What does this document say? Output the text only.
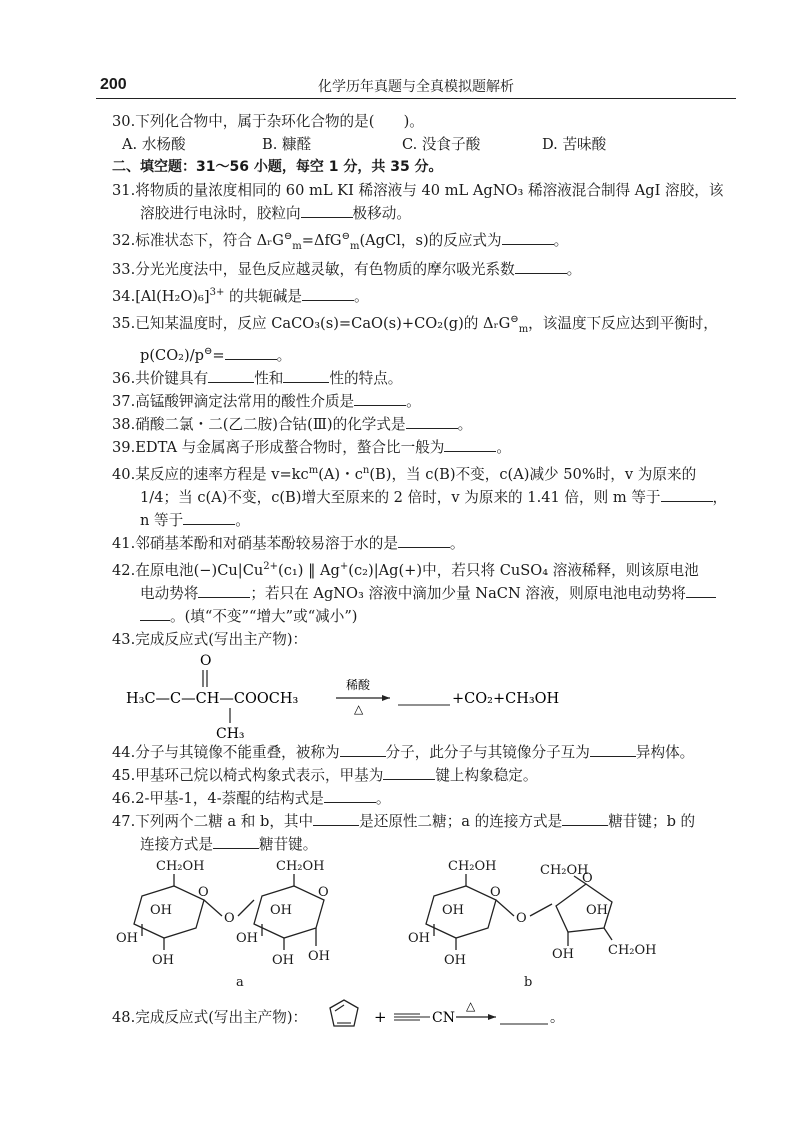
200	化学历年真题与全真模拟题解析

30.下列化合物中，属于杂环化合物的是(　　)。

A. 水杨酸	B. 糠醛	C. 没食子酸	D. 苦味酸
二、填空题：31～56 小题，每空 1 分，共 35 分。

31.将物质的量浓度相同的 60 mL KI 稀溶液与 40 mL AgNO₃ 稀溶液混合制得 AgI 溶胶，该

溶胶进行电泳时，胶粒向	极移动。

32.标准状态下，符合 ΔᵣG⊖$_m$=ΔfG⊖$_m$(AgCl，s)的反应式为	。

33.分光光度法中，显色反应越灵敏，有色物质的摩尔吸光系数	。

$34.[Al(H_2O)_6]^{3+}$ 的共轭碱是	。

35.已知某温度时，反应 CaCO₃(s)=CaO(s)+CO₂(g)的 ΔᵣG⊖$_m$，该温度下反应达到平衡时，

p(CO₂)/p⊖=	。

36.共价键具有	性和	性的特点。

37.高锰酸钾滴定法常用的酸性介质是	。

38.硝酸二氯・二(乙二胺)合钴(Ⅲ)的化学式是	。

39.EDTA 与金属离子形成螯合物时，螯合比一般为	。

40.某反应的速率方程是 $v=kc^m(A)$・$c^n(B)$，当 c(B)不变，c(A)减少 50%时，v 为原来的

1/4；当 c(A)不变，c(B)增大至原来的 2 倍时，v 为原来的 1.41 倍，则 m 等于	，

n 等于	。

41.邻硝基苯酚和对硝基苯酚较易溶于水的是	。

42.在原电池$(-)Cu|Cu^{2+}(c_1)$ ‖ Ag+(c₂)|Ag(+)中，若只将 CuSO₄ 溶液稀释，则该原电池

电动势将	；若只在 AgNO₃ 溶液中滴加少量 NaCN 溶液，则原电池电动势将

。(填“不变”“增大”或“减小”)

43.完成反应式(写出主产物)：

O
H₃C—C—CH—COOCH₃
CH₃
稀酸
△
+CO₂+CH₃OH

44.分子与其镜像不能重叠，被称为	分子，此分子与其镜像分子互为	异构体。

45.甲基环己烷以椅式构象式表示，甲基为	键上构象稳定。

46.2-甲基-1，4-萘醌的结构式是	。

47.下列两个二糖 a 和 b，其中	是还原性二糖；a 的连接方式是	糖苷键；b 的

连接方式是	糖苷键。

CH₂OH
O
OH
OH
OH
O
CH₂OH
O
OH
OH
OH OH
a
CH₂OH
O
OH
OH
OH
O
CH₂OH
O
OH
OH	CH₂OH
b
48.完成反应式(写出主产物)：	+	CN
△
。
